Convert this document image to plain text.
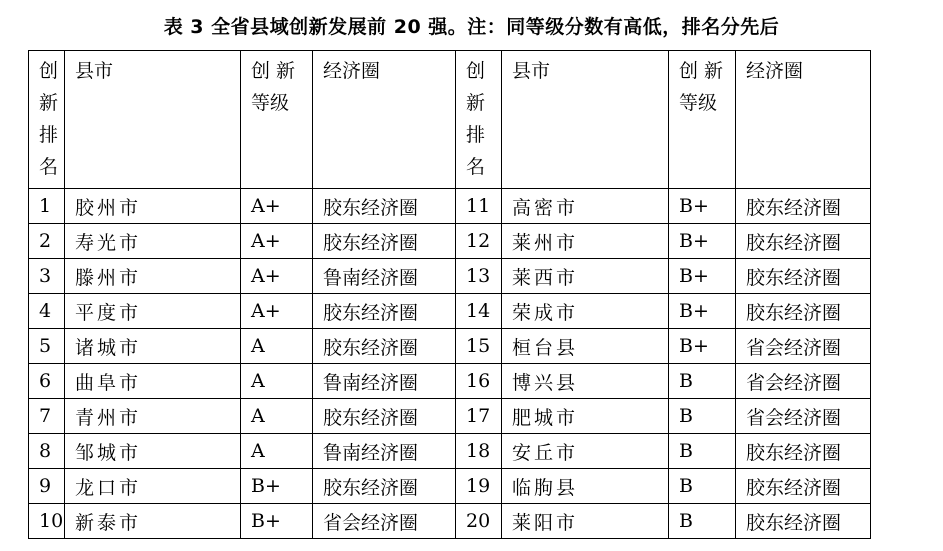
表 3 全省县域创新发展前 20 强。注：同等级分数有高低，排名分先后
创新排名	县市	创 新 等级	经济圈	创新排名	县市	创 新 等级	经济圈
1	胶州市	A+	胶东经济圈	11	高密市	B+	胶东经济圈
2	寿光市	A+	胶东经济圈	12	莱州市	B+	胶东经济圈
3	滕州市	A+	鲁南经济圈	13	莱西市	B+	胶东经济圈
4	平度市	A+	胶东经济圈	14	荣成市	B+	胶东经济圈
5	诸城市	A	胶东经济圈	15	桓台县	B+	省会经济圈
6	曲阜市	A	鲁南经济圈	16	博兴县	B	省会经济圈
7	青州市	A	胶东经济圈	17	肥城市	B	省会经济圈
8	邹城市	A	鲁南经济圈	18	安丘市	B	胶东经济圈
9	龙口市	B+	胶东经济圈	19	临朐县	B	胶东经济圈
10	新泰市	B+	省会经济圈	20	莱阳市	B	胶东经济圈
